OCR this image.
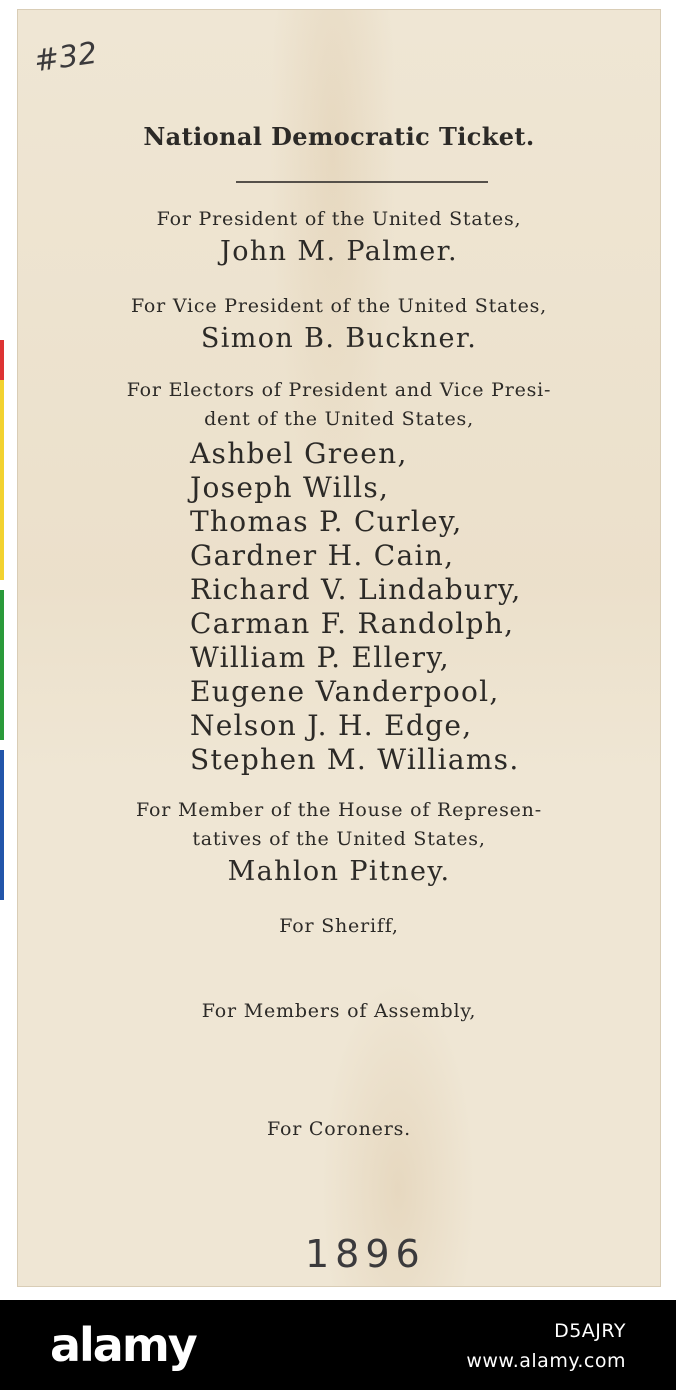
#32
National Democratic Ticket.
For President of the United States,
John M. Palmer.
For Vice President of the United States,
Simon B. Buckner.
For Electors of President and Vice Presi-
dent of the United States,
Ashbel Green,
Joseph Wills,
Thomas P. Curley,
Gardner H. Cain,
Richard V. Lindabury,
Carman F. Randolph,
William P. Ellery,
Eugene Vanderpool,
Nelson J. H. Edge,
Stephen M. Williams.
For Member of the House of Represen-
tatives of the United States,
Mahlon Pitney.
For Sheriff,
For Members of Assembly,
For Coroners.
1896
alamy	D5AJRY
www.alamy.com
